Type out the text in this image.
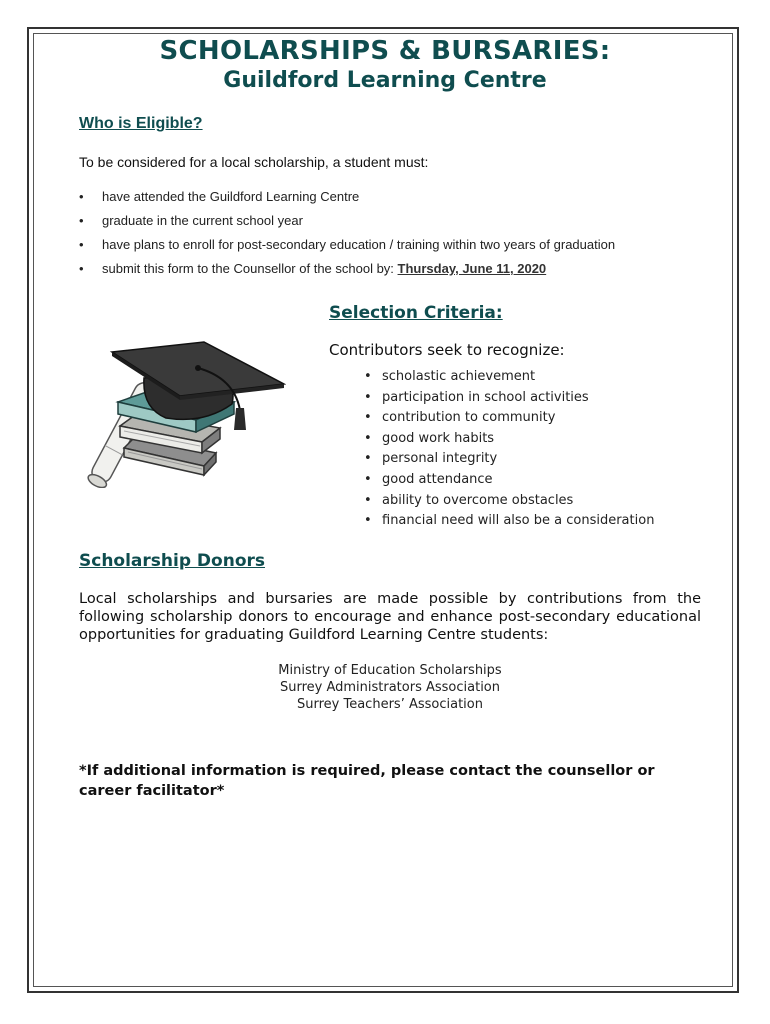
SCHOLARSHIPS & BURSARIES:
Guildford Learning Centre
Who is Eligible?

To be considered for a local scholarship, a student must:

• have attended the Guildford Learning Centre
• graduate in the current school year
• have plans to enroll for post-secondary education / training within two years of graduation
• submit this form to the Counsellor of the school by: Thursday, June 11, 2020
Selection Criteria:

Contributors seek to recognize:

• scholastic achievement
• participation in school activities
• contribution to community
• good work habits
• personal integrity
• good attendance
• ability to overcome obstacles
• financial need will also be a consideration
Scholarship Donors

Local scholarships and bursaries are made possible by contributions from the following scholarship donors to encourage and enhance post-secondary educational opportunities for graduating Guildford Learning Centre students:

Ministry of Education Scholarships
Surrey Administrators Association
Surrey Teachers’ Association

*If additional information is required, please contact the counsellor or career facilitator*
